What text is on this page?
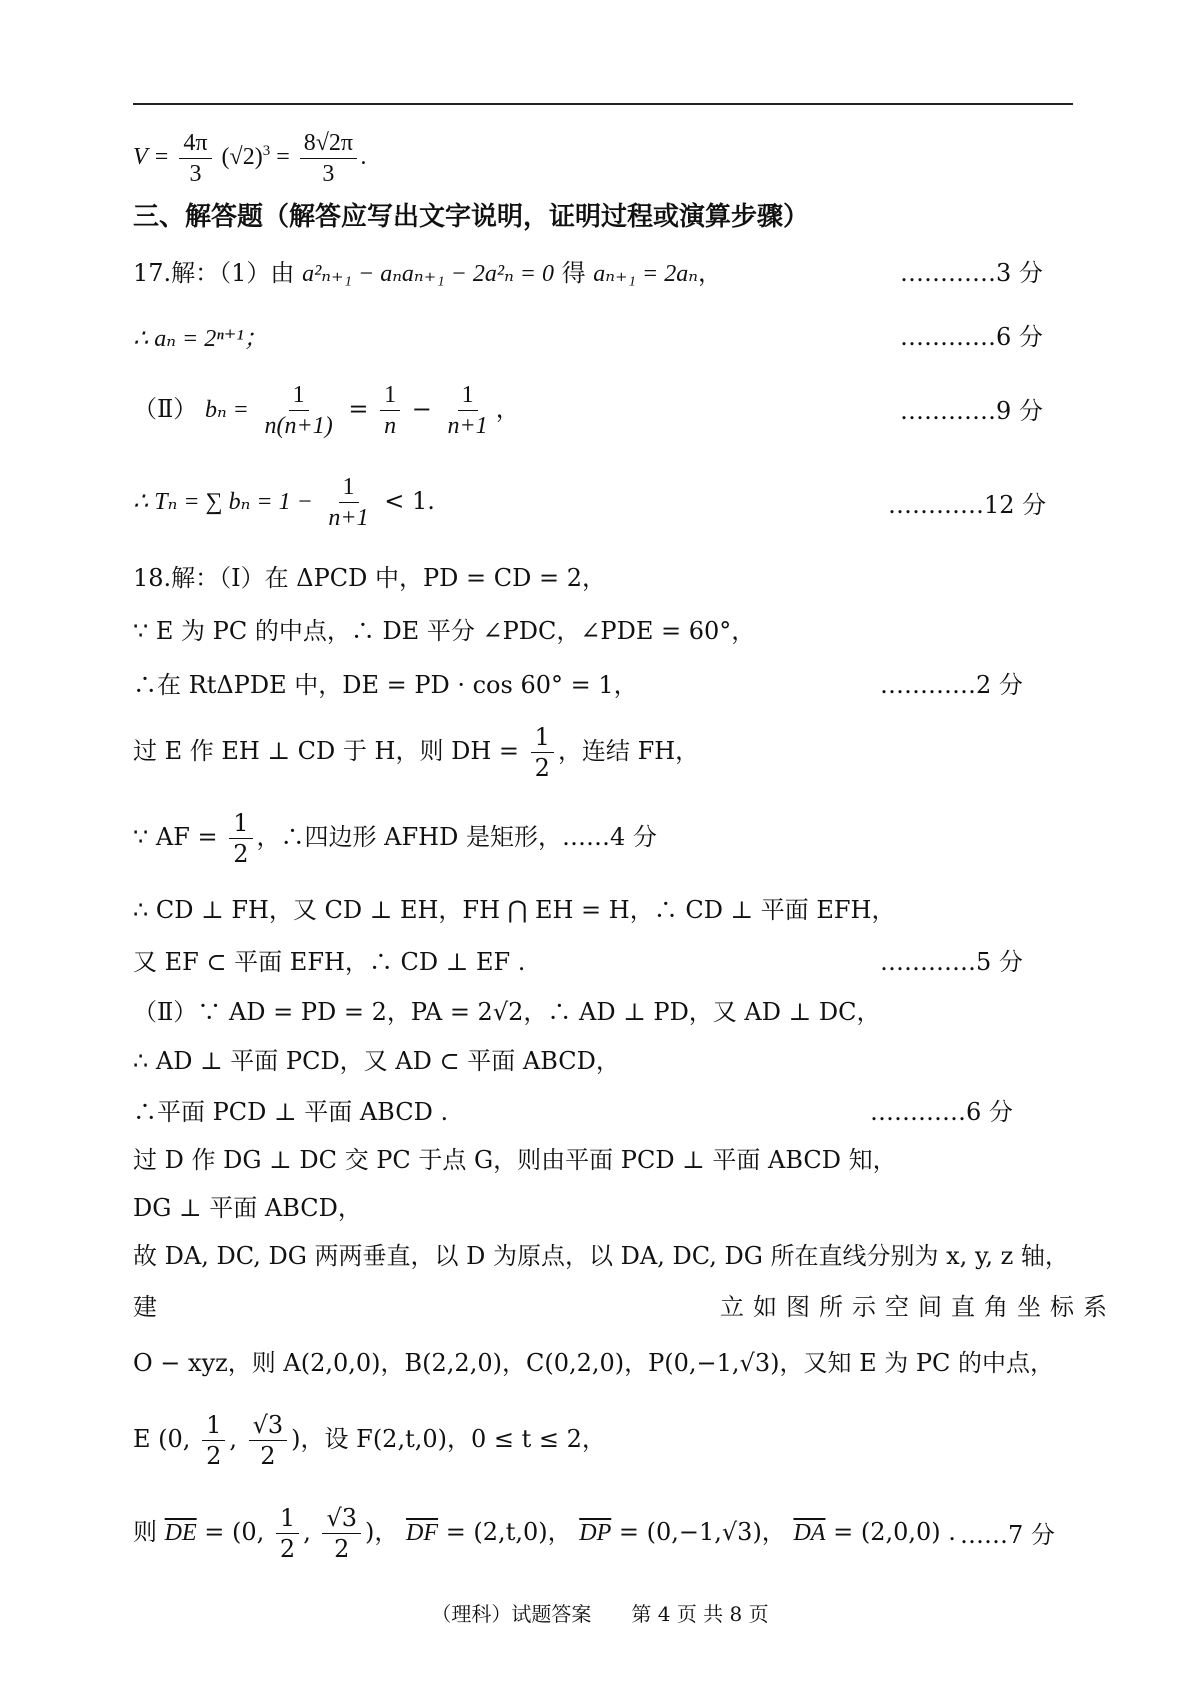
$V = \frac{4\pi}{3} (√2)^3 = \frac{8√2\pi}{3}$ .
三、解答题（解答应写出文字说明，证明过程或演算步骤）
17.解：（1）由 a²ₙ₊₁ − aₙaₙ₊₁ − 2a²ₙ = 0 得 aₙ₊₁ = 2aₙ，	…………3 分
∴ aₙ = 2ⁿ⁺¹；	…………6 分
（Ⅱ） $b_n = \frac{1}{n(n+1)} = \frac{1}{n} - \frac{1}{n+1}$ ，	…………9 分
∴ Tₙ = ∑ $b_n = 1 - \frac{1}{n+1} < 1$.	…………12 分
18.解：（Ⅰ）在 ΔPCD 中，PD = CD = 2，
∵ E 为 PC 的中点，∴ DE 平分 ∠PDC，∠PDE = 60°，
∴在 RtΔPDE 中，DE = PD · cos 60° = 1，	…………2 分
过 E 作 EH ⊥ CD 于 H，则 DH = $\frac{1}{2}$ ，连结 FH，
∵ AF = $\frac{1}{2}$ ，∴四边形 AFHD 是矩形，……4 分
∴ CD ⊥ FH，又 CD ⊥ EH，FH ⋂ EH = H，∴ CD ⊥ 平面 EFH，
又 EF ⊂ 平面 EFH，∴ CD ⊥ EF .	…………5 分
（Ⅱ）∵ AD = PD = 2，PA = 2√2，∴ AD ⊥ PD，又 AD ⊥ DC，
∴ AD ⊥ 平面 PCD，又 AD ⊂ 平面 ABCD，
∴平面 PCD ⊥ 平面 ABCD .	…………6 分
过 D 作 DG ⊥ DC 交 PC 于点 G，则由平面 PCD ⊥ 平面 ABCD 知，
DG ⊥ 平面 ABCD，
故 DA, DC, DG 两两垂直，以 D 为原点，以 DA, DC, DG 所在直线分别为 x, y, z 轴，
建	立如图所示空间直角坐标系
O − xyz，则 A(2,0,0)，B(2,2,0)，C(0,2,0)，P(0,−1,√3)，又知 E 为 PC 的中点，
E (0, $\frac{1}{2}$ , $\frac{√3}{2}$ )，设 F(2,t,0)，0 ≤ t ≤ 2，
则 $\overline{DE} = (0$, $\frac{1}{2}$ , $\frac{√3}{2}$ )， $\overline{DF} = (2,t,0)$， $\overline{DP} = (0,-1,√3)$， $\overline{DA} = (2,0,0)$ . ……7 分
（理科）试题答案　　第 4 页 共 8 页
